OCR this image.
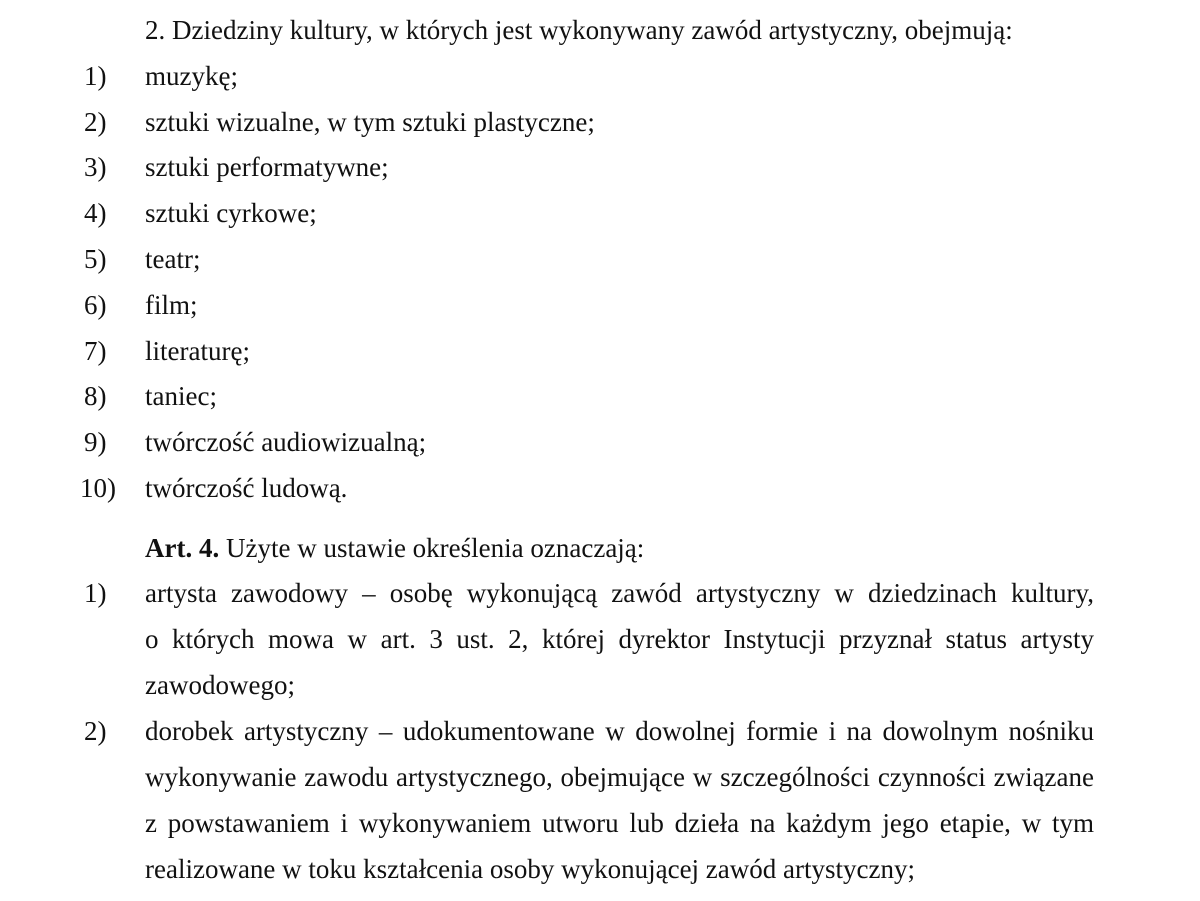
2. Dziedziny kultury, w których jest wykonywany zawód artystyczny, obejmują:
1) muzykę;
2) sztuki wizualne, w tym sztuki plastyczne;
3) sztuki performatywne;
4) sztuki cyrkowe;
5) teatr;
6) film;
7) literaturę;
8) taniec;
9) twórczość audiowizualną;
10) twórczość ludową.
Art. 4. Użyte w ustawie określenia oznaczają:
1) artysta zawodowy – osobę wykonującą zawód artystyczny w dziedzinach kultury,
o których mowa w art. 3 ust. 2, której dyrektor Instytucji przyznał status artysty
zawodowego;
2) dorobek artystyczny – udokumentowane w dowolnej formie i na dowolnym nośniku
wykonywanie zawodu artystycznego, obejmujące w szczególności czynności związane
z powstawaniem i wykonywaniem utworu lub dzieła na każdym jego etapie, w tym
realizowane w toku kształcenia osoby wykonującej zawód artystyczny;
